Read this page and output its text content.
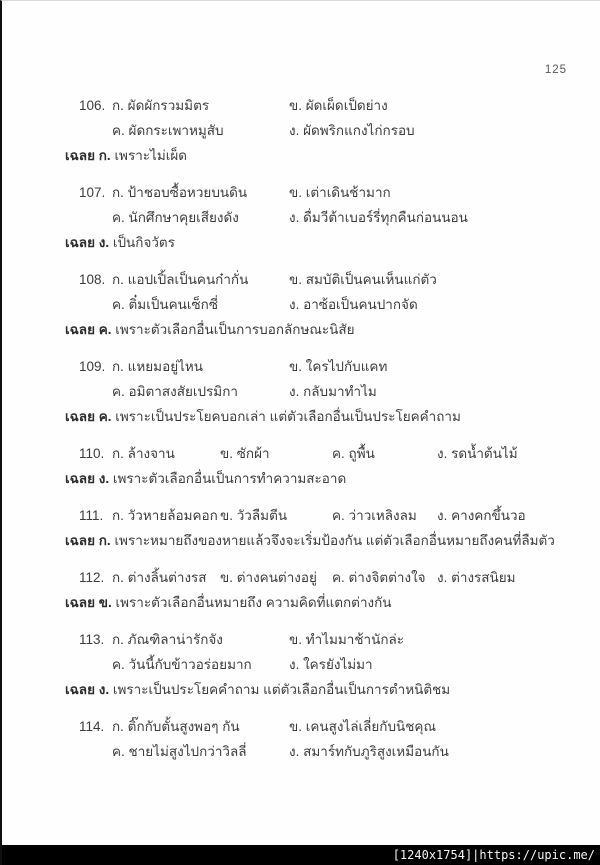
125
106. ก. ผัดผักรวมมิตร	ข. ผัดเผ็ดเป็ดย่าง
ค. ผัดกระเพาหมูสับ	ง. ผัดพริกแกงไก่กรอบ
เฉลย ก. เพราะไม่เผ็ด
107. ก. ป้าชอบซื้อหวยบนดิน	ข. เต่าเดินช้ามาก
ค. นักศึกษาคุยเสียงดัง	ง. ดื่มวีต้าเบอร์รี่ทุกคืนก่อนนอน
เฉลย ง. เป็นกิจวัตร
108. ก. แอปเปิ้ลเป็นคนก๋ากั่น	ข. สมบัติเป็นคนเห็นแก่ตัว
ค. ติ๋มเป็นคนเซ็กซี่	ง. อาซ้อเป็นคนปากจัด
เฉลย ค. เพราะตัวเลือกอื่นเป็นการบอกลักษณะนิสัย
109. ก. แหยมอยู่ไหน	ข. ใครไปกับแคท
ค. อมิตาสงสัยเปรมิกา	ง. กลับมาทำไม
เฉลย ค. เพราะเป็นประโยคบอกเล่า แต่ตัวเลือกอื่นเป็นประโยคคำถาม
110. ก. ล้างจาน	ข. ซักผ้า	ค. ถูพื้น	ง. รดน้ำต้นไม้
เฉลย ง. เพราะตัวเลือกอื่นเป็นการทำความสะอาด
111. ก. วัวหายล้อมคอก ข. วัวลืมตีน	ค. ว่าวเหลิงลม	ง. คางคกขึ้นวอ
เฉลย ก. เพราะหมายถึงของหายแล้วจึงจะเริ่มป้องกัน แต่ตัวเลือกอื่นหมายถึงคนที่ลืมตัว
112. ก. ต่างลิ้นต่างรส ข. ต่างคนต่างอยู่	ค. ต่างจิตต่างใจ ง. ต่างรสนิยม
เฉลย ข. เพราะตัวเลือกอื่นหมายถึง ความคิดที่แตกต่างกัน
113. ก. ภัณฑิลาน่ารักจัง	ข. ทำไมมาช้านักล่ะ
ค. วันนี้กับข้าวอร่อยมาก	ง. ใครยังไม่มา
เฉลย ง. เพราะเป็นประโยคคำถาม แต่ตัวเลือกอื่นเป็นการตำหนิติชม
114. ก. ติ๊กกับตั้นสูงพอๆ กัน	ข. เคนสูงไล่เลี่ยกับนิชคุณ
ค. ชายไม่สูงไปกว่าวิลลี่	ง. สมาร์ทกับภูริสูงเหมือนกัน
[1240x1754]|https://upic.me/
